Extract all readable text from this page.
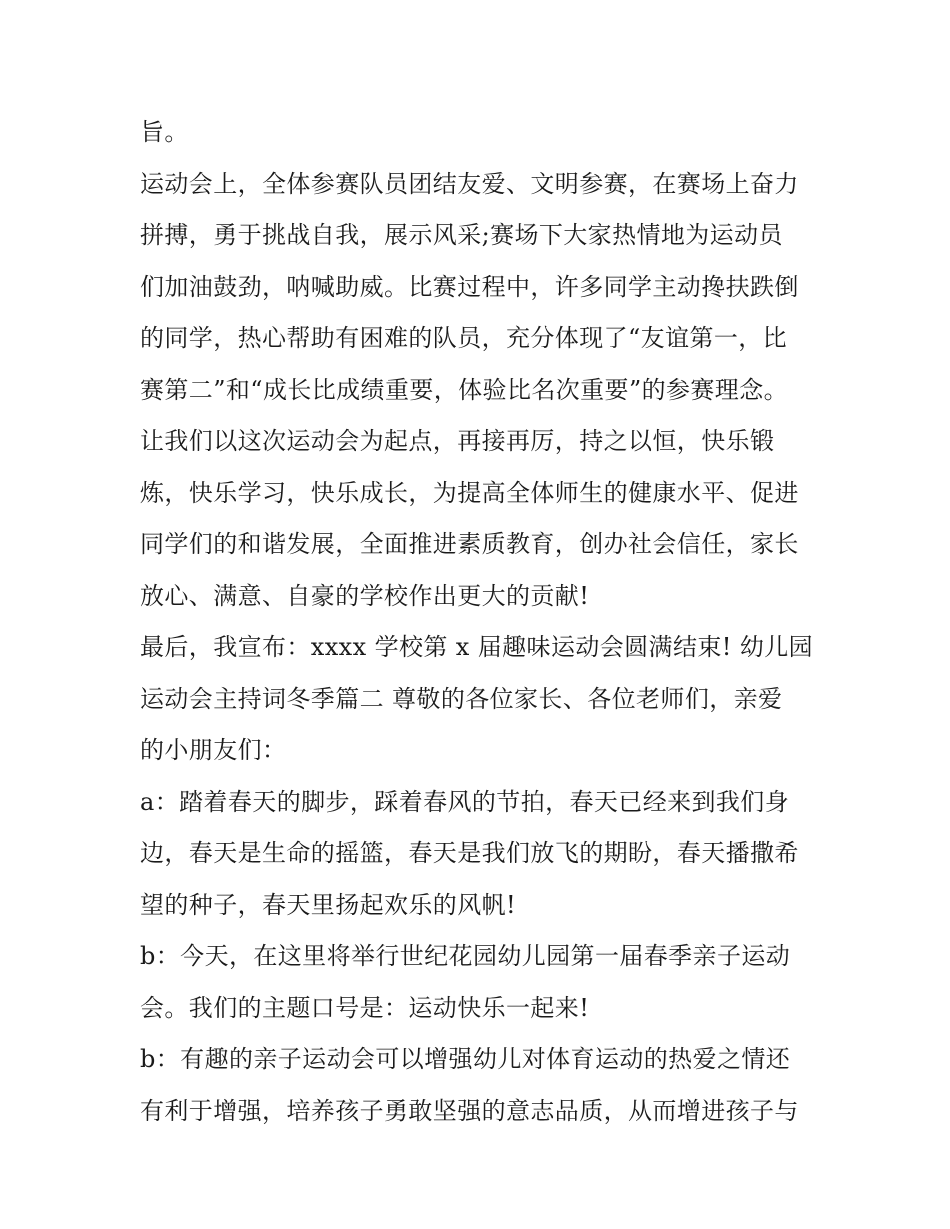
旨。
运动会上，全体参赛队员团结友爱、文明参赛，在赛场上奋力
拼搏，勇于挑战自我，展示风采;赛场下大家热情地为运动员
们加油鼓劲，呐喊助威。比赛过程中，许多同学主动搀扶跌倒
的同学，热心帮助有困难的队员，充分体现了“友谊第一，比
赛第二”和“成长比成绩重要，体验比名次重要”的参赛理念。
让我们以这次运动会为起点，再接再厉，持之以恒，快乐锻
炼，快乐学习，快乐成长，为提高全体师生的健康水平、促进
同学们的和谐发展，全面推进素质教育，创办社会信任，家长
放心、满意、自豪的学校作出更大的贡献!
最后，我宣布：xxxx 学校第 x 届趣味运动会圆满结束! 幼儿园
运动会主持词冬季篇二 尊敬的各位家长、各位老师们，亲爱
的小朋友们：
a：踏着春天的脚步，踩着春风的节拍，春天已经来到我们身
边，春天是生命的摇篮，春天是我们放飞的期盼，春天播撒希
望的种子，春天里扬起欢乐的风帆!
b：今天，在这里将举行世纪花园幼儿园第一届春季亲子运动
会。我们的主题口号是：运动快乐一起来!
b：有趣的亲子运动会可以增强幼儿对体育运动的热爱之情还
有利于增强，培养孩子勇敢坚强的意志品质，从而增进孩子与
